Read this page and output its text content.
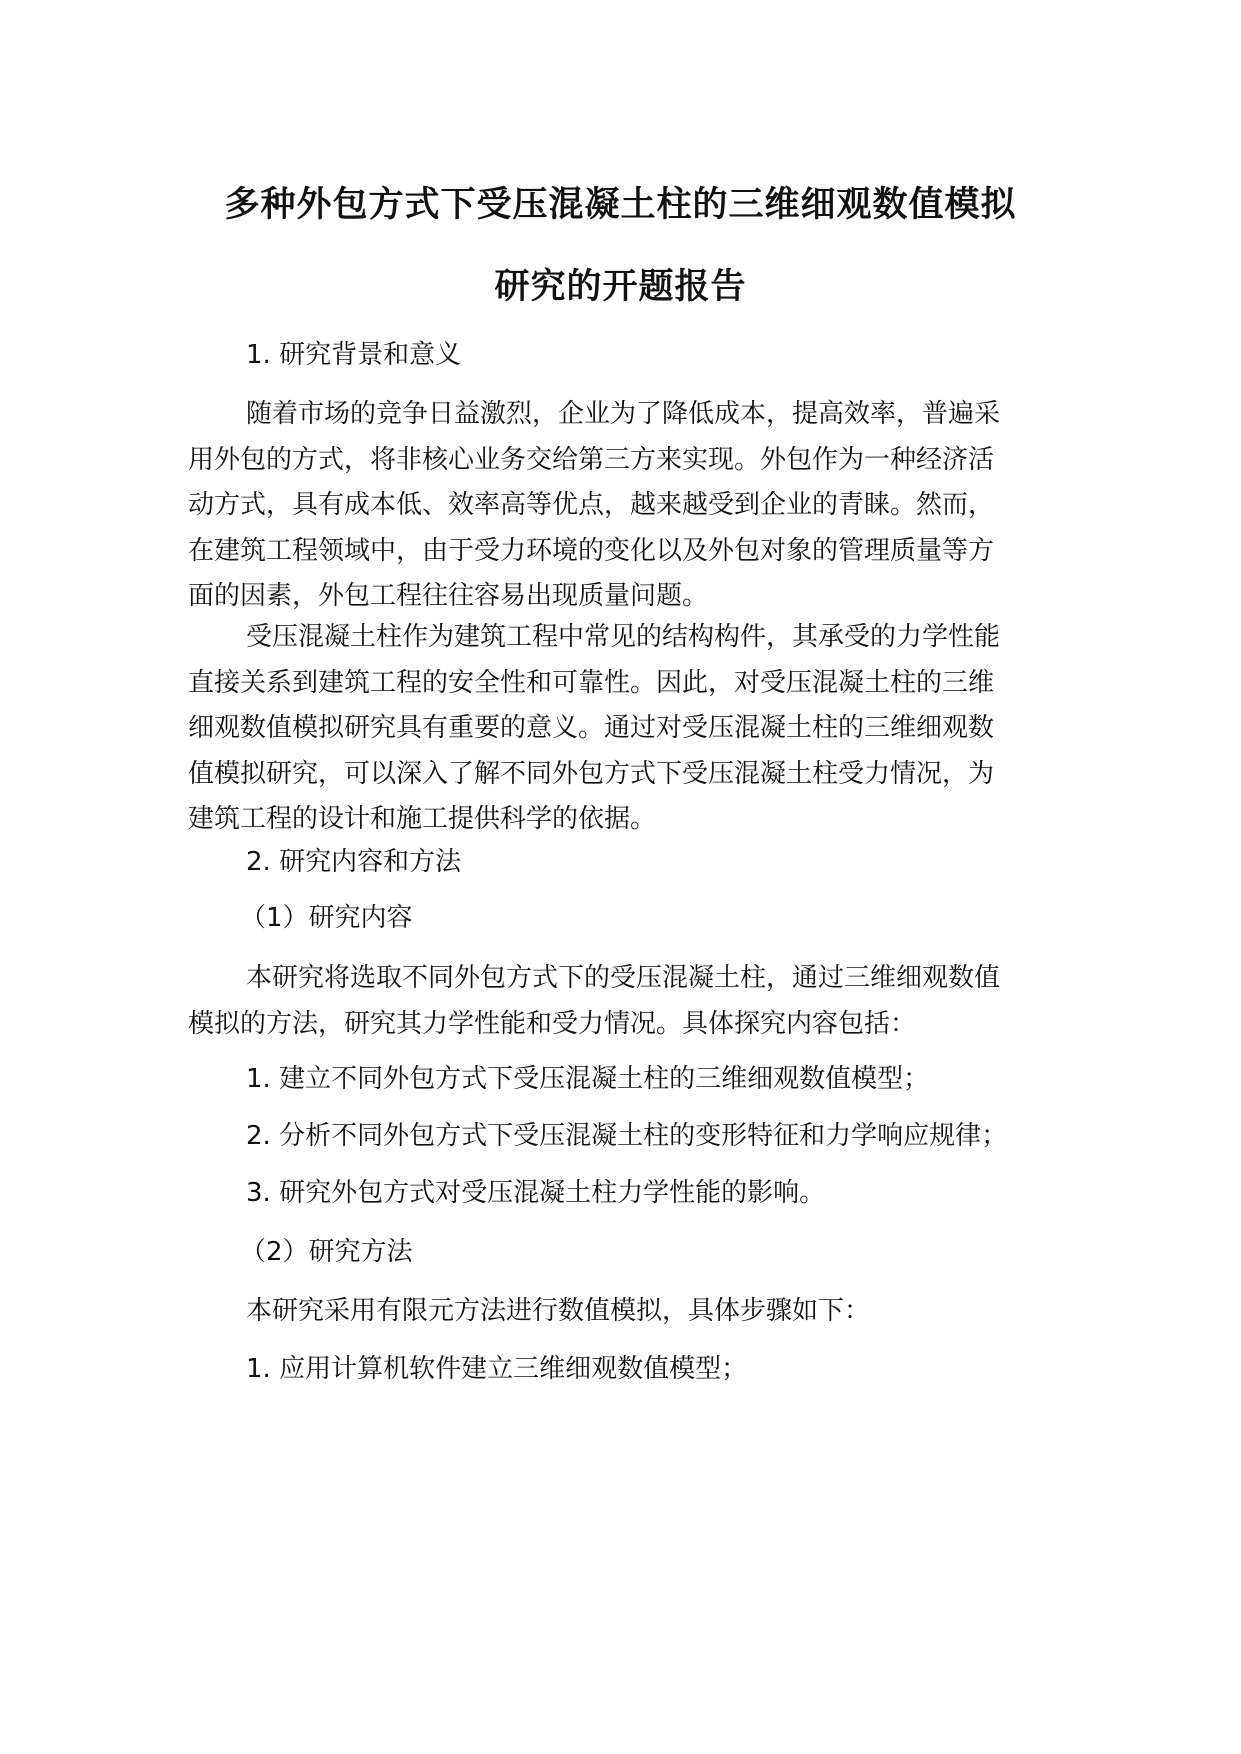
多种外包方式下受压混凝土柱的三维细观数值模拟
研究的开题报告
1. 研究背景和意义
随着市场的竞争日益激烈，企业为了降低成本，提高效率，普遍采
用外包的方式，将非核心业务交给第三方来实现。外包作为一种经济活
动方式，具有成本低、效率高等优点，越来越受到企业的青睐。然而，
在建筑工程领域中，由于受力环境的变化以及外包对象的管理质量等方
面的因素，外包工程往往容易出现质量问题。
受压混凝土柱作为建筑工程中常见的结构构件，其承受的力学性能
直接关系到建筑工程的安全性和可靠性。因此，对受压混凝土柱的三维
细观数值模拟研究具有重要的意义。通过对受压混凝土柱的三维细观数
值模拟研究，可以深入了解不同外包方式下受压混凝土柱受力情况，为
建筑工程的设计和施工提供科学的依据。
2. 研究内容和方法
（1）研究内容
本研究将选取不同外包方式下的受压混凝土柱，通过三维细观数值
模拟的方法，研究其力学性能和受力情况。具体探究内容包括：
1. 建立不同外包方式下受压混凝土柱的三维细观数值模型；
2. 分析不同外包方式下受压混凝土柱的变形特征和力学响应规律；
3. 研究外包方式对受压混凝土柱力学性能的影响。
（2）研究方法
本研究采用有限元方法进行数值模拟，具体步骤如下：
1. 应用计算机软件建立三维细观数值模型；
